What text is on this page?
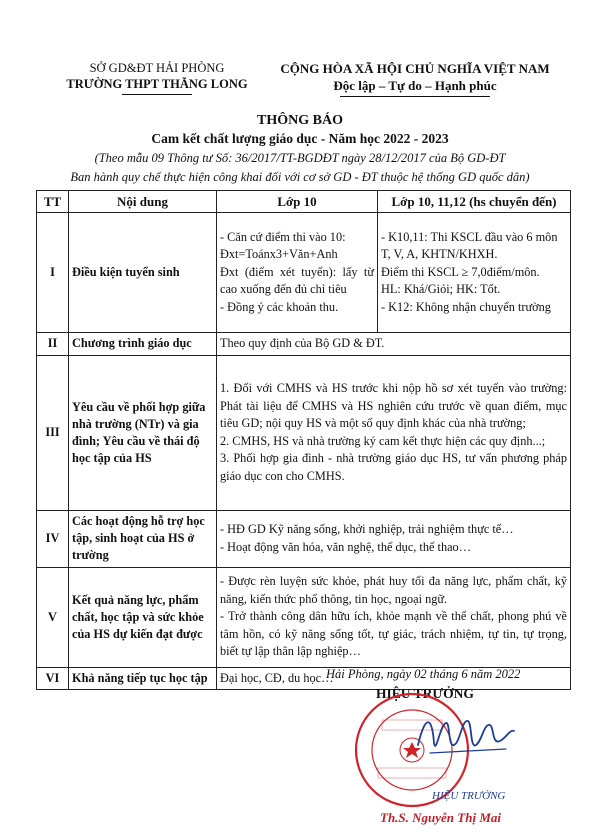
SỞ GD&ĐT HẢI PHÒNG
TRƯỜNG THPT THĂNG LONG
CỘNG HÒA XÃ HỘI CHỦ NGHĨA VIỆT NAM
Độc lập – Tự do – Hạnh phúc
THÔNG BÁO
Cam kết chất lượng giáo dục - Năm học 2022 - 2023
(Theo mẫu 09 Thông tư Số: 36/2017/TT-BGDĐT ngày 28/12/2017 của Bộ GD-ĐT
Ban hành quy chế thực hiện công khai đối với cơ sở GD - ĐT thuộc hệ thống GD quốc dân)
TT	Nội dung	Lớp 10	Lớp 10, 11,12 (hs chuyển đến)
I	Điều kiện tuyển sinh	- Căn cứ điểm thi vào 10:
Đxt=Toánx3+Văn+Anh
Đxt (điểm xét tuyển): lấy từ cao xuống đến đủ chỉ tiêu
- Đồng ý các khoản thu.	- K10,11: Thi KSCL đầu vào 6 môn T, V, A, KHTN/KHXH.
Điểm thi KSCL ≥ 7,0điểm/môn.
HL: Khá/Giỏi; HK: Tốt.
- K12: Không nhận chuyển trường

II	Chương trình giáo dục	Theo quy định của Bộ GD & ĐT.	
III	Yêu cầu về phối hợp giữa nhà trường (NTr) và gia đình; Yêu cầu về thái độ học tập của HS	1. Đối với CMHS và HS trước khi nộp hồ sơ xét tuyển vào trường: Phát tài liệu để CMHS và HS nghiên cứu trước về quan điểm, mục tiêu GD; nội quy HS và một số quy định khác của nhà trường;
2. CMHS, HS và nhà trường ký cam kết thực hiện các quy định...;
3. Phối hợp gia đình - nhà trường giáo dục HS, tư vấn phương pháp giáo dục con cho CMHS.	

IV	Các hoạt động hỗ trợ học tập, sinh hoạt của HS ở trường	- HĐ GD Kỹ năng sống, khởi nghiệp, trải nghiệm thực tế…
- Hoạt động văn hóa, văn nghệ, thể dục, thể thao…	

V	Kết quả năng lực, phẩm chất, học tập và sức khỏe của HS dự kiến đạt được	- Được rèn luyện sức khỏe, phát huy tối đa năng lực, phẩm chất, kỹ năng, kiến thức phổ thông, tin học, ngoại ngữ.
- Trở thành công dân hữu ích, khỏe mạnh về thể chất, phong phú về tâm hồn, có kỹ năng sống tốt, tự giác, trách nhiệm, tự tin, tự trọng, biết tự lập thân lập nghiệp…	

VI	Khả năng tiếp tục học tập	Đại học, CĐ, du học…	
Hải Phòng, ngày 02 tháng 6 năm 2022
HIỆU TRƯỞNG
HIỆU TRƯỞNG
Th.S. Nguyễn Thị Mai
